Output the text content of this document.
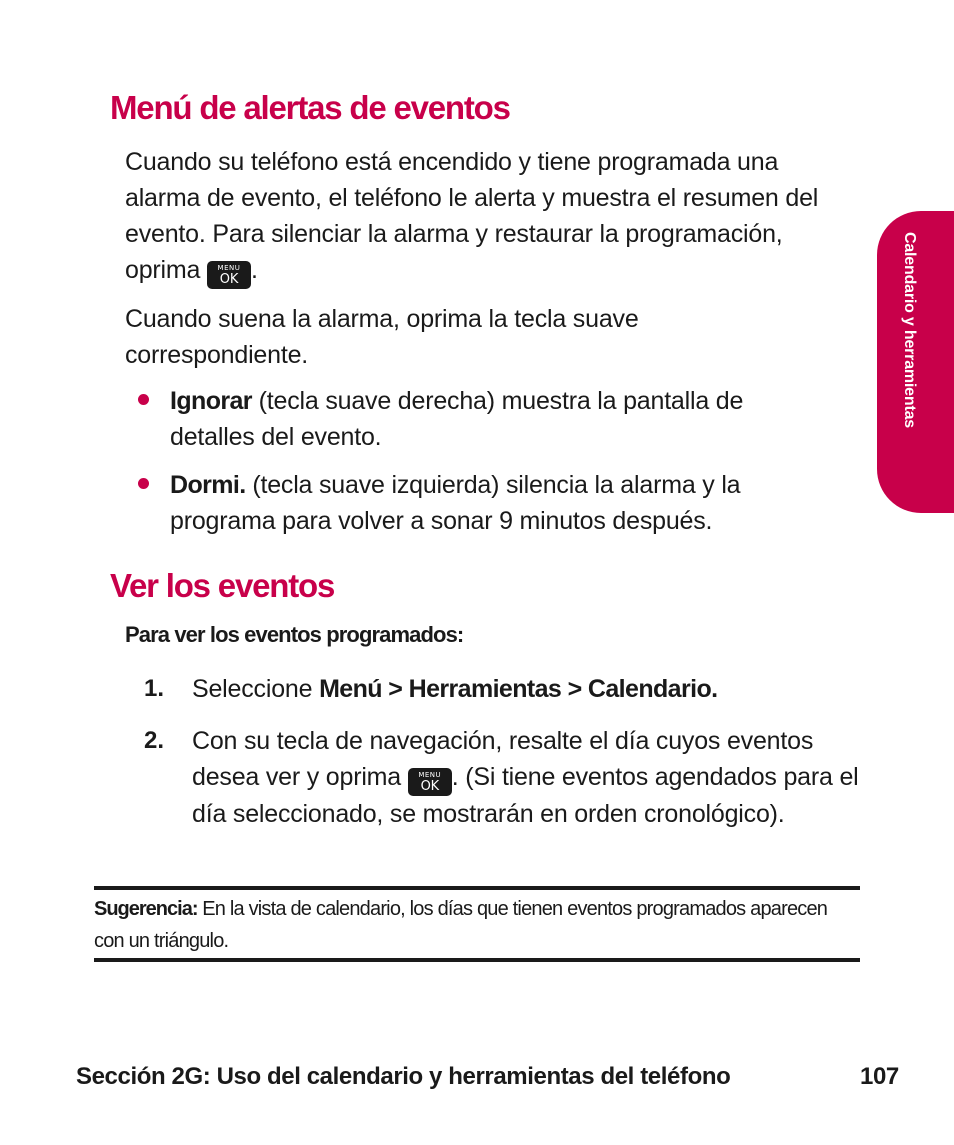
Menú de alertas de eventos
Cuando su teléfono está encendido y tiene programada una alarma de evento, el teléfono le alerta y muestra el resumen del evento. Para silenciar la alarma y restaurar la programación, oprima	MENU
OK .
Cuando suena la alarma, oprima la tecla suave correspondiente.
Ignorar (tecla suave derecha) muestra la pantalla de detalles del evento.
Dormi. (tecla suave izquierda) silencia la alarma y la programa para volver a sonar 9 minutos después.
Ver los eventos
Para ver los eventos programados:
1. Seleccione Menú > Herramientas > Calendario.
2. Con su tecla de navegación, resalte el día cuyos eventos desea ver y oprima	MENU
OK . (Si tiene eventos agendados para el día seleccionado, se mostrarán en orden cronológico).
Sugerencia: En la vista de calendario, los días que tienen eventos programados aparecen con un triángulo.
Calendario y herramientas
Sección 2G: Uso del calendario y herramientas del teléfono	107
